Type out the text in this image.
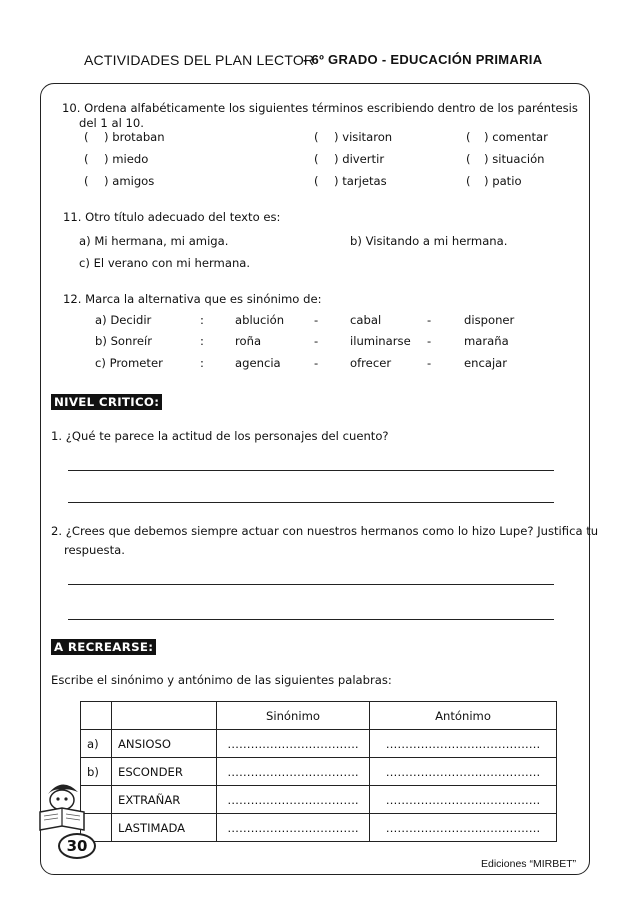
ACTIVIDADES DEL PLAN LECTOR
- 6º GRADO - EDUCACIÓN PRIMARIA
10. Ordena alfabéticamente los siguientes términos escribiendo dentro de los paréntesis
del 1 al 10.
( ) brotaban	( ) visitaron	( ) comentar
( ) miedo	( ) divertir	( ) situación
( ) amigos	( ) tarjetas	( ) patio
11. Otro título adecuado del texto es:
a) Mi hermana, mi amiga.	b) Visitando a mi hermana.
c) El verano con mi hermana.
12. Marca la alternativa que es sinónimo de:
a) Decidir	:	ablución	-	cabal	-	disponer
b) Sonreír	:	roña	-	iluminarse -	maraña
c) Prometer	:	agencia	-	ofrecer	-	encajar
NIVEL CRITICO:
1. ¿Qué te parece la actitud de los personajes del cuento?
2. ¿Crees que debemos siempre actuar con nuestros hermanos como lo hizo Lupe? Justifica tu
respuesta.
A RECREARSE:
Escribe el sinónimo y antónimo de las siguientes palabras:
		Sinónimo	Antónimo
a)	ANSIOSO	…………………………….	………………………………….
b)	ESCONDER	…………………………….	………………………………….
	EXTRAÑAR	…………………………….	………………………………….
	LASTIMADA	…………………………….	………………………………….
30
Ediciones “MIRBET”
